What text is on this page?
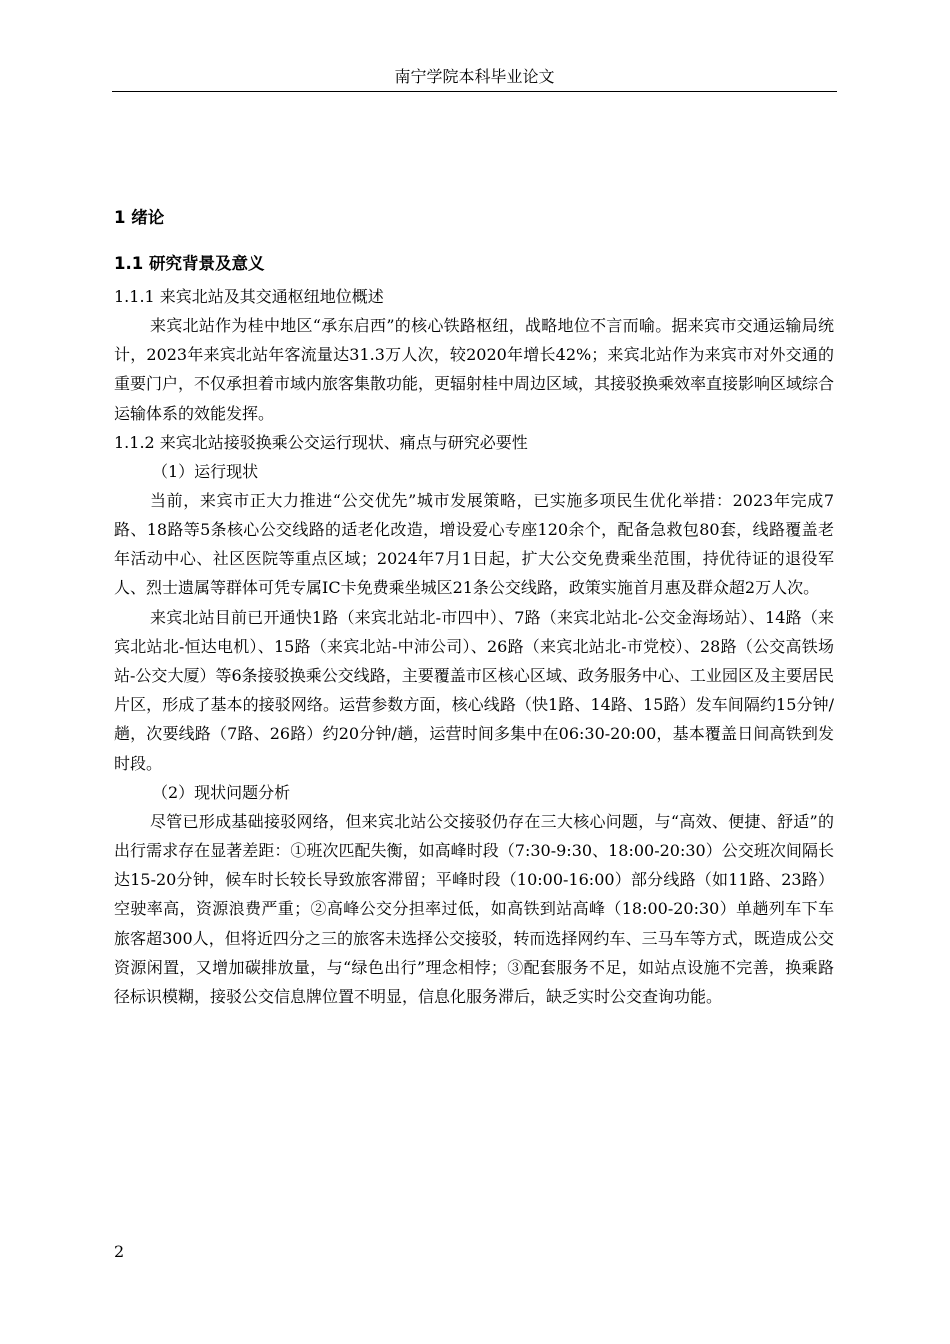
南宁学院本科毕业论文
1 绪论
1.1 研究背景及意义
1.1.1 来宾北站及其交通枢纽地位概述

来宾北站作为桂中地区“承东启西”的核心铁路枢纽，战略地位不言而喻。据来宾市交通运输局统计，2023年来宾北站年客流量达31.3万人次，较2020年增长42%；来宾北站作为来宾市对外交通的重要门户，不仅承担着市域内旅客集散功能，更辐射桂中周边区域，其接驳换乘效率直接影响区域综合运输体系的效能发挥。

1.1.2 来宾北站接驳换乘公交运行现状、痛点与研究必要性
（1）运行现状

当前，来宾市正大力推进“公交优先”城市发展策略，已实施多项民生优化举措：2023年完成7路、18路等5条核心公交线路的适老化改造，增设爱心专座120余个，配备急救包80套，线路覆盖老年活动中心、社区医院等重点区域；2024年7月1日起，扩大公交免费乘坐范围，持优待证的退役军人、烈士遗属等群体可凭专属IC卡免费乘坐城区21条公交线路，政策实施首月惠及群众超2万人次。

来宾北站目前已开通快1路（来宾北站北-市四中）、7路（来宾北站北-公交金海场站）、14路（来宾北站北-恒达电机）、15路（来宾北站-中沛公司）、26路（来宾北站北-市党校）、28路（公交高铁场站-公交大厦）等6条接驳换乘公交线路，主要覆盖市区核心区域、政务服务中心、工业园区及主要居民片区，形成了基本的接驳网络。运营参数方面，核心线路（快1路、14路、15路）发车间隔约15分钟/趟，次要线路（7路、26路）约20分钟/趟，运营时间多集中在06:30-20:00，基本覆盖日间高铁到发时段。

（2）现状问题分析

尽管已形成基础接驳网络，但来宾北站公交接驳仍存在三大核心问题，与“高效、便捷、舒适”的出行需求存在显著差距：①班次匹配失衡，如高峰时段（7:30-9:30、18:00-20:30）公交班次间隔长达15-20分钟，候车时长较长导致旅客滞留；平峰时段（10:00-16:00）部分线路（如11路、23路）空驶率高，资源浪费严重；②高峰公交分担率过低，如高铁到站高峰（18:00-20:30）单趟列车下车旅客超300人，但将近四分之三的旅客未选择公交接驳，转而选择网约车、三马车等方式，既造成公交资源闲置，又增加碳排放量，与“绿色出行”理念相悖；③配套服务不足，如站点设施不完善，换乘路径标识模糊，接驳公交信息牌位置不明显，信息化服务滞后，缺乏实时公交查询功能。

2
